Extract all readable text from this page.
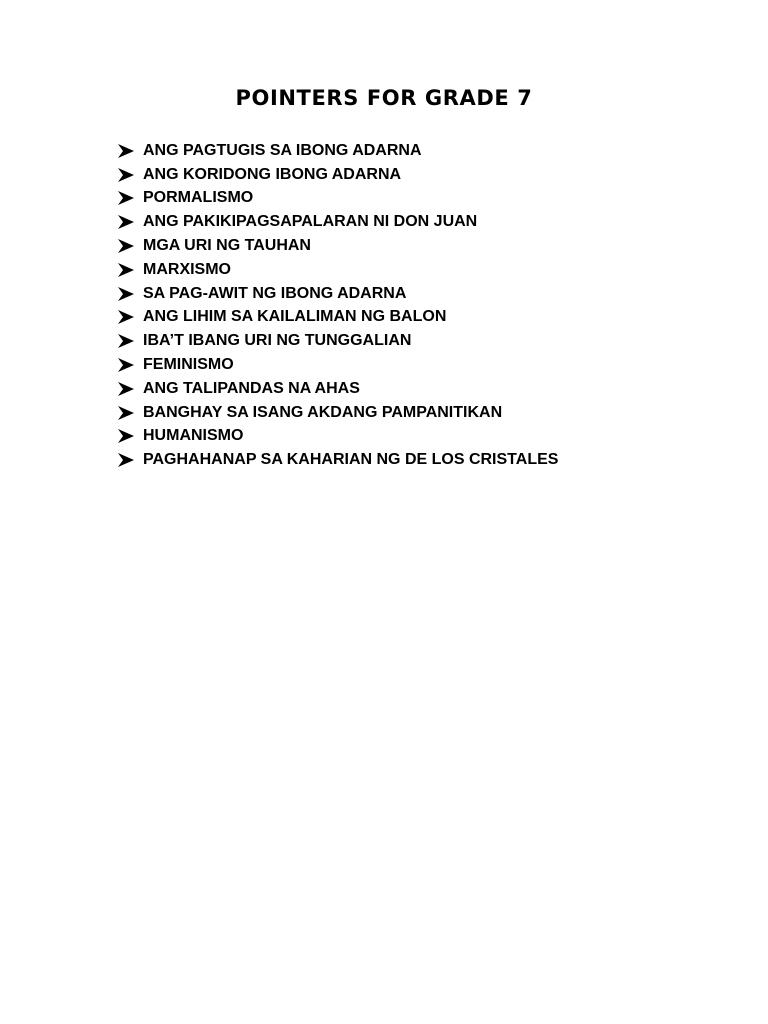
POINTERS FOR GRADE 7
ANG PAGTUGIS SA IBONG ADARNA
ANG KORIDONG IBONG ADARNA
PORMALISMO
ANG PAKIKIPAGSAPALARAN NI DON JUAN
MGA URI NG TAUHAN
MARXISMO
SA PAG-AWIT NG IBONG ADARNA
ANG LIHIM SA KAILALIMAN NG BALON
IBA’T IBANG URI NG TUNGGALIAN
FEMINISMO
ANG TALIPANDAS NA AHAS
BANGHAY SA ISANG AKDANG PAMPANITIKAN
HUMANISMO
PAGHAHANAP SA KAHARIAN NG DE LOS CRISTALES
